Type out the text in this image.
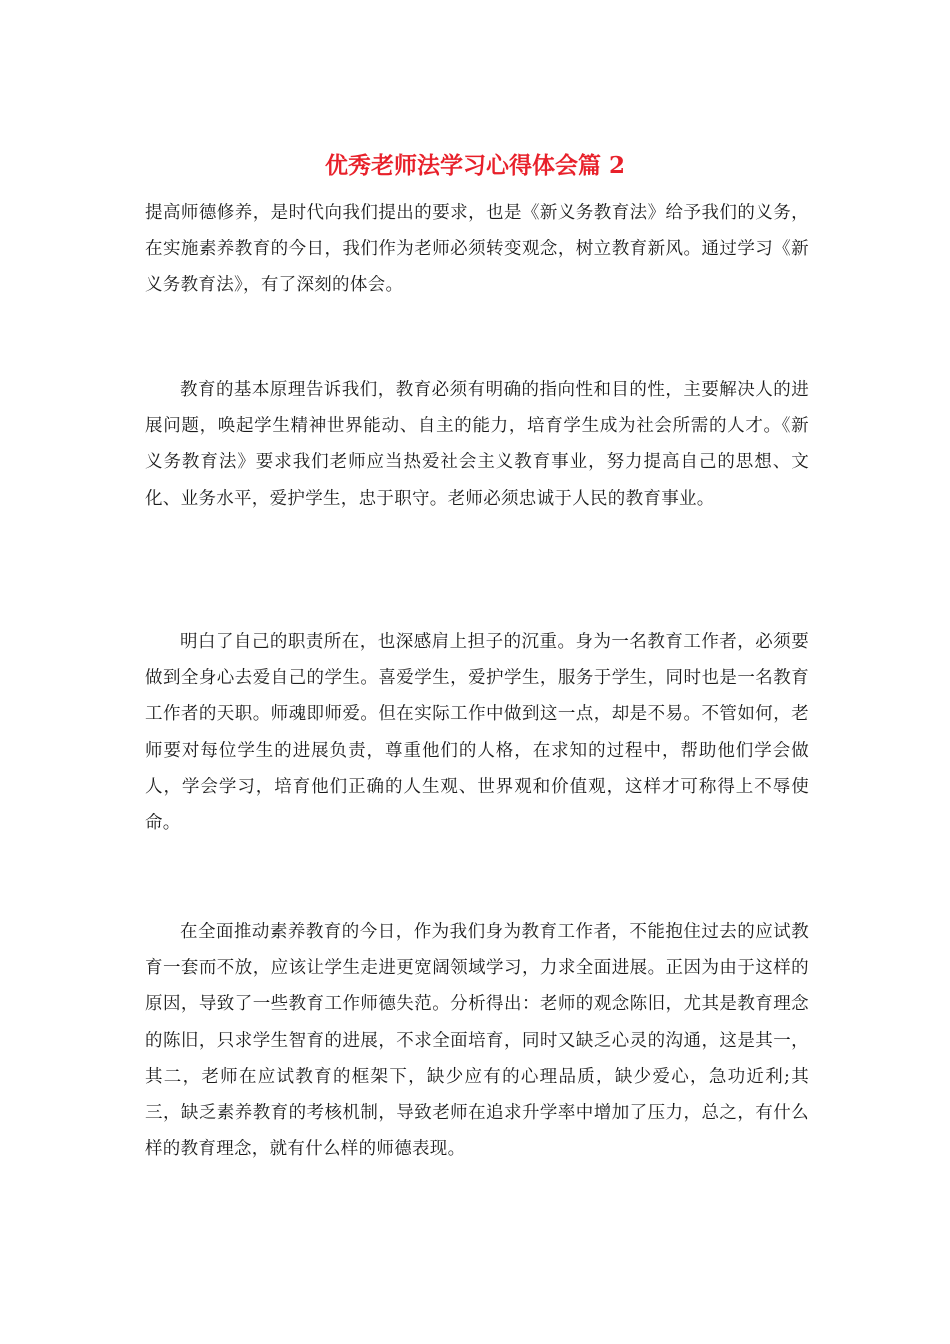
优秀老师法学习心得体会篇 2

提高师德修养，是时代向我们提出的要求，也是《新义务教育法》给予我们的义务，在实施素养教育的今日，我们作为老师必须转变观念，树立教育新风。通过学习《新义务教育法》，有了深刻的体会。

教育的基本原理告诉我们，教育必须有明确的指向性和目的性，主要解决人的进展问题，唤起学生精神世界能动、自主的能力，培育学生成为社会所需的人才。《新义务教育法》要求我们老师应当热爱社会主义教育事业，努力提高自己的思想、文化、业务水平，爱护学生，忠于职守。老师必须忠诚于人民的教育事业。

明白了自己的职责所在，也深感肩上担子的沉重。身为一名教育工作者，必须要做到全身心去爱自己的学生。喜爱学生，爱护学生，服务于学生，同时也是一名教育工作者的天职。师魂即师爱。但在实际工作中做到这一点，却是不易。不管如何，老师要对每位学生的进展负责，尊重他们的人格，在求知的过程中，帮助他们学会做人，学会学习，培育他们正确的人生观、世界观和价值观，这样才可称得上不辱使命。

在全面推动素养教育的今日，作为我们身为教育工作者，不能抱住过去的应试教育一套而不放，应该让学生走进更宽阔领域学习，力求全面进展。正因为由于这样的原因，导致了一些教育工作师德失范。分析得出：老师的观念陈旧，尤其是教育理念的陈旧，只求学生智育的进展，不求全面培育，同时又缺乏心灵的沟通，这是其一，其二，老师在应试教育的框架下，缺少应有的心理品质，缺少爱心，急功近利;其三，缺乏素养教育的考核机制，导致老师在追求升学率中增加了压力，总之，有什么样的教育理念，就有什么样的师德表现。
